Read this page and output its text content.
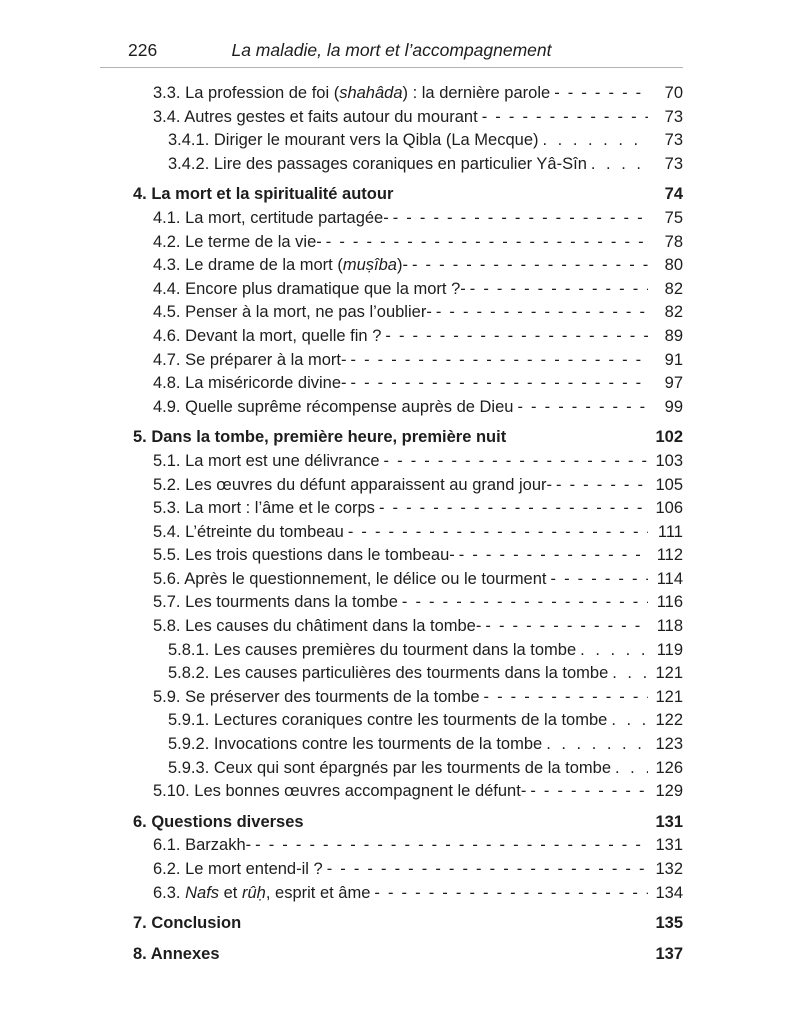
226	La maladie, la mort et l’accompagnement
3.3. La profession de foi (shahâda) : la dernière parole - - -	70
3.4. Autres gestes et faits autour du mourant - - -	73
3.4.1. Diriger le mourant vers la Qibla (La Mecque) . . .	73
3.4.2. Lire des passages coraniques en particulier Yâ-Sîn . . .	73
4. La mort et la spiritualité autour	74
4.1. La mort, certitude partagée- - - -	75
4.2. Le terme de la vie- - - -	78
4.3. Le drame de la mort (muṣîba)- - - -	80
4.4. Encore plus dramatique que la mort ?- - - -	82
4.5. Penser à la mort, ne pas l’oublier- - - -	82
4.6. Devant la mort, quelle fin ? - - -	89
4.7. Se préparer à la mort- - - -	91
4.8. La miséricorde divine- - - -	97
4.9. Quelle suprême récompense auprès de Dieu - - -	99
5. Dans la tombe, première heure, première nuit	102
5.1. La mort est une délivrance - - -	103
5.2. Les œuvres du défunt apparaissent au grand jour- - - -	105
5.3. La mort : l’âme et le corps - - -	106
5.4. L’étreinte du tombeau - - -	111
5.5. Les trois questions dans le tombeau- - - -	112
5.6. Après le questionnement, le délice ou le tourment - - -	114
5.7. Les tourments dans la tombe - - -	116
5.8. Les causes du châtiment dans la tombe- - - -	118
5.8.1. Les causes premières du tourment dans la tombe . . .	119
5.8.2. Les causes particulières des tourments dans la tombe . . .	121
5.9. Se préserver des tourments de la tombe - - -	121
5.9.1. Lectures coraniques contre les tourments de la tombe . . .	122
5.9.2. Invocations contre les tourments de la tombe . . .	123
5.9.3. Ceux qui sont épargnés par les tourments de la tombe . . .	126
5.10. Les bonnes œuvres accompagnent le défunt- - - -	129
6. Questions diverses	131
6.1. Barzakh- - - -	131
6.2. Le mort entend-il ? - - -	132
6.3. Nafs et rûḥ, esprit et âme - - -	134
7. Conclusion	135
8. Annexes	137
